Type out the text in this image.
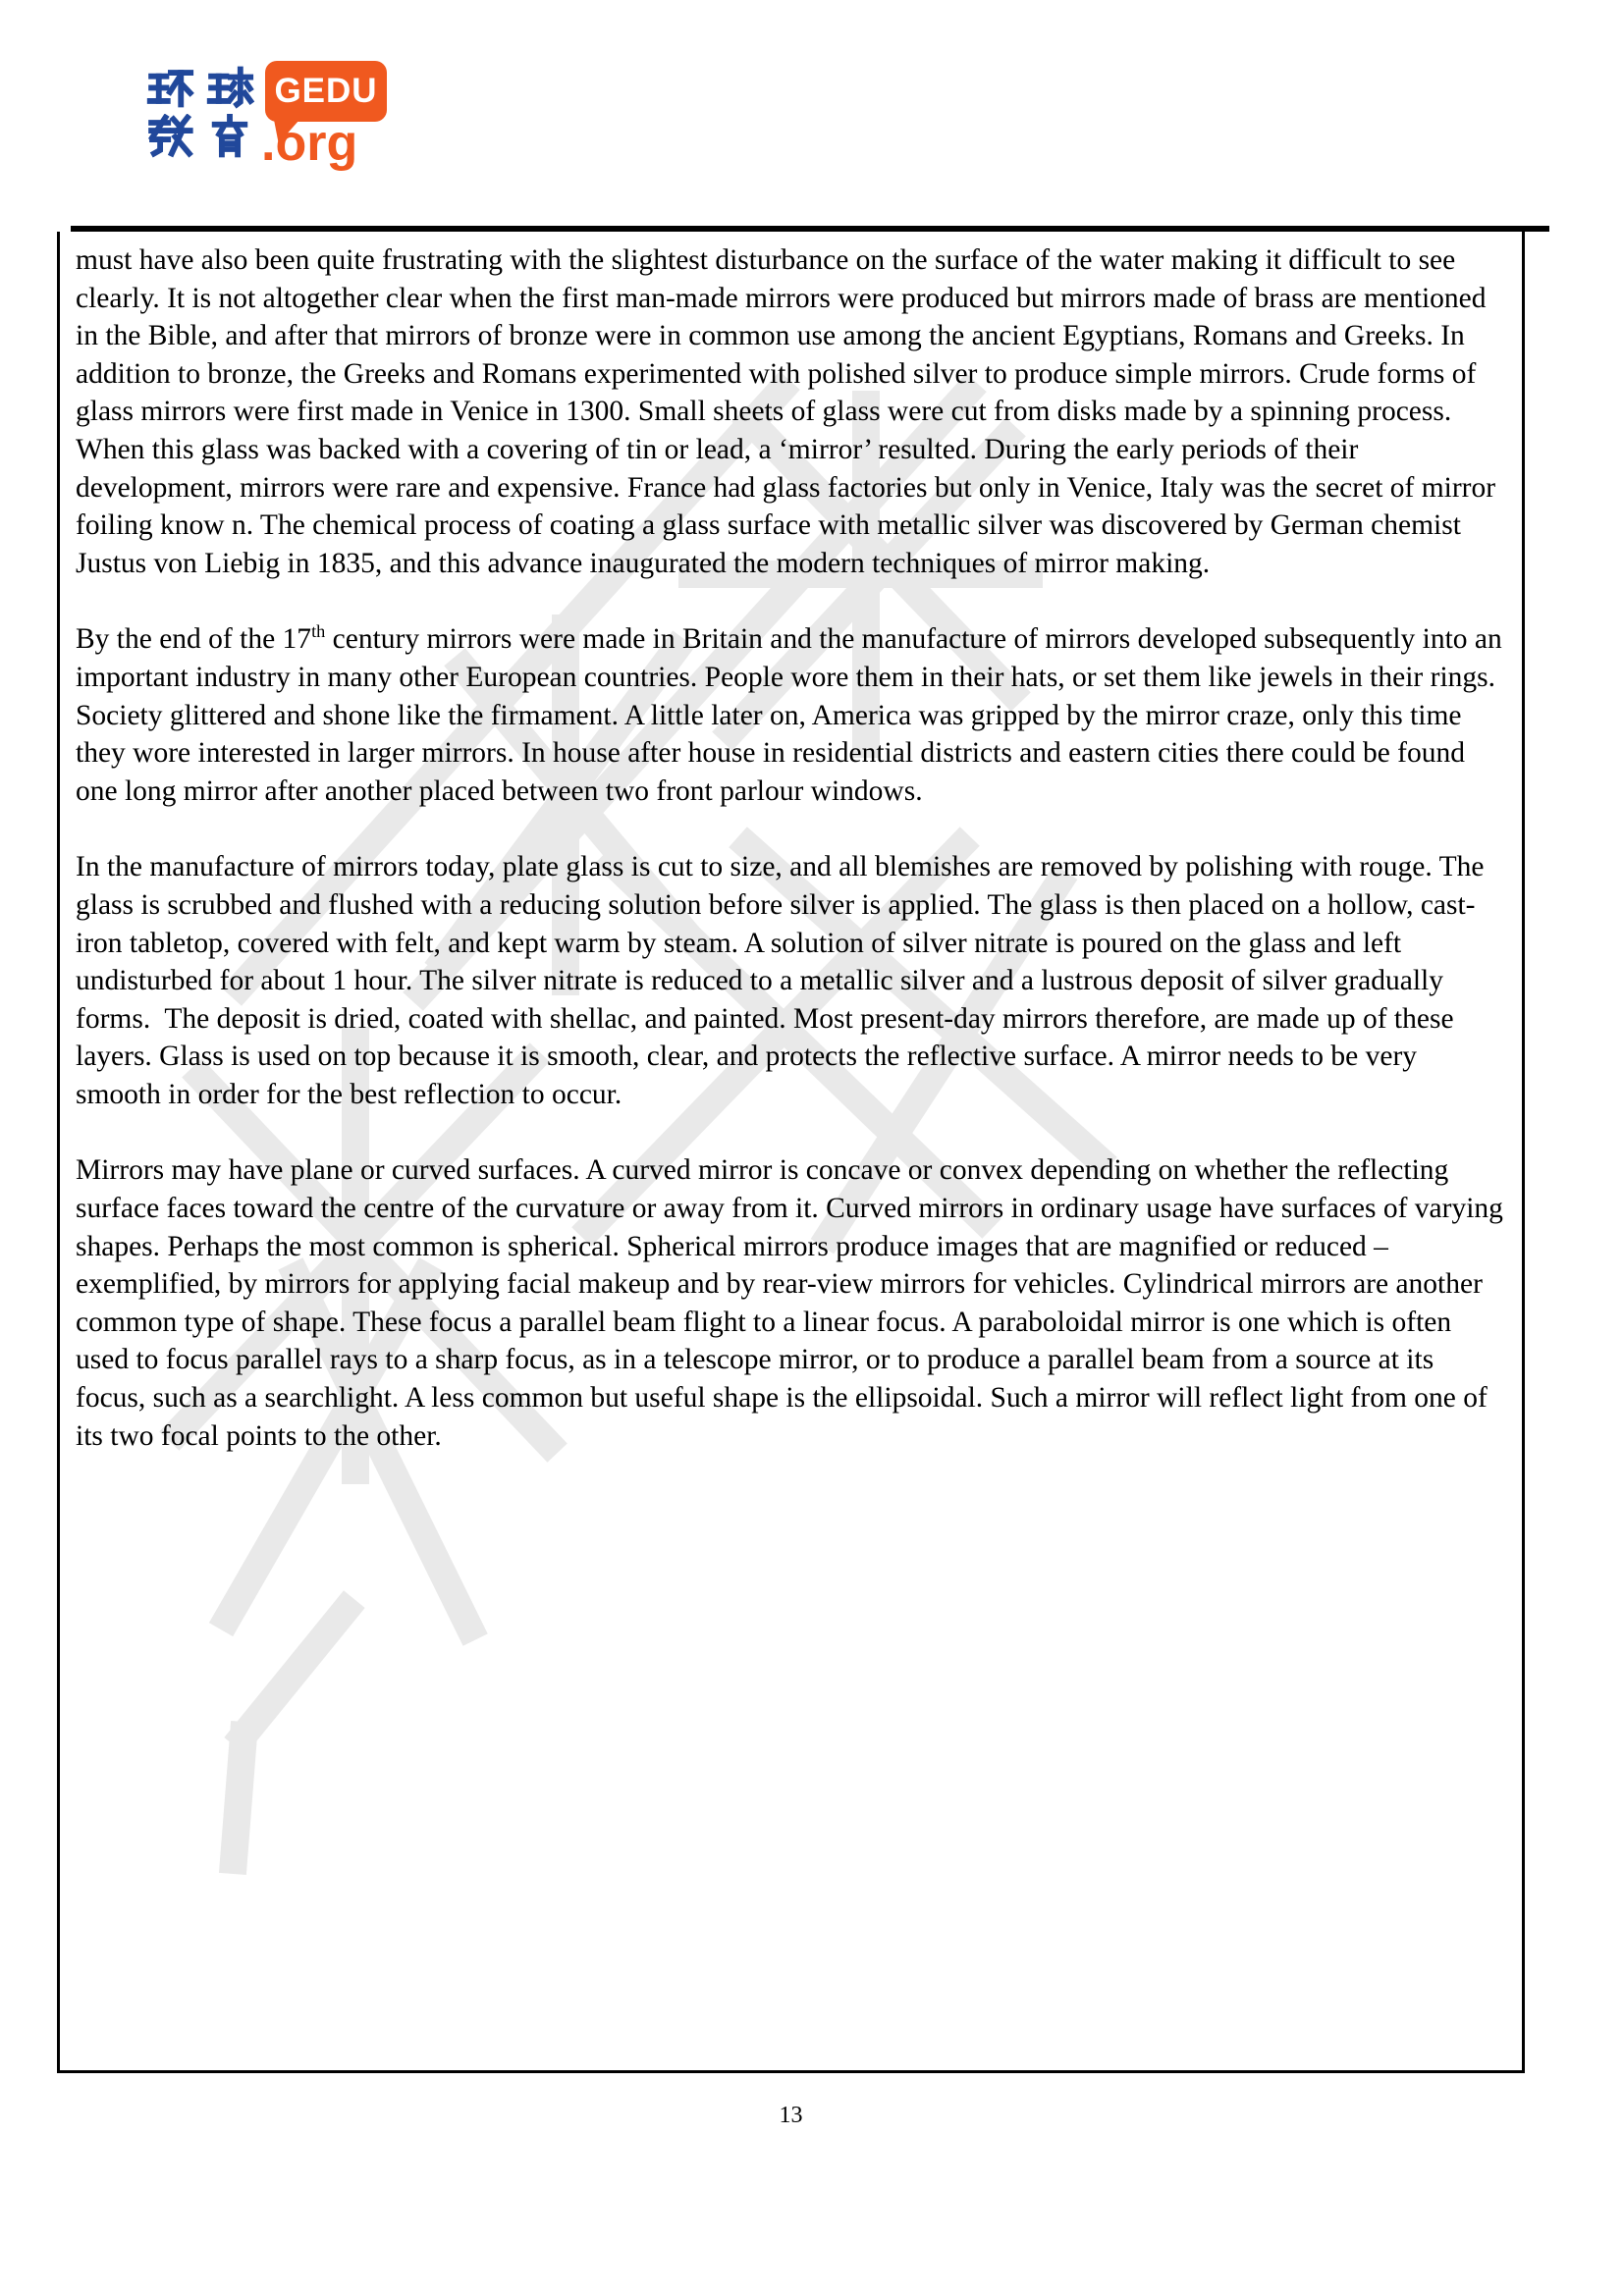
GEDU
.org
must have also been quite frustrating with the slightest disturbance on the surface of the water making it difficult to see clearly. It is not altogether clear when the first man-made mirrors were produced but mirrors made of brass are mentioned in the Bible, and after that mirrors of bronze were in common use among the ancient Egyptians, Romans and Greeks. In addition to bronze, the Greeks and Romans experimented with polished silver to produce simple mirrors. Crude forms of glass mirrors were first made in Venice in 1300. Small sheets of glass were cut from disks made by a spinning process. When this glass was backed with a covering of tin or lead, a ‘mirror’ resulted. During the early periods of their development, mirrors were rare and expensive. France had glass factories but only in Venice, Italy was the secret of mirror foiling know n. The chemical process of coating a glass surface with metallic silver was discovered by German chemist Justus von Liebig in 1835, and this advance inaugurated the modern techniques of mirror making.
By the end of the 17th century mirrors were made in Britain and the manufacture of mirrors developed subsequently into an important industry in many other European countries. People wore them in their hats, or set them like jewels in their rings. Society glittered and shone like the firmament. A little later on, America was gripped by the mirror craze, only this time they wore interested in larger mirrors. In house after house in residential districts and eastern cities there could be found one long mirror after another placed between two front parlour windows.
In the manufacture of mirrors today, plate glass is cut to size, and all blemishes are removed by polishing with rouge. The glass is scrubbed and flushed with a reducing solution before silver is applied. The glass is then placed on a hollow, cast-iron tabletop, covered with felt, and kept warm by steam. A solution of silver nitrate is poured on the glass and left undisturbed for about 1 hour. The silver nitrate is reduced to a metallic silver and a lustrous deposit of silver gradually forms.  The deposit is dried, coated with shellac, and painted. Most present-day mirrors therefore, are made up of these layers. Glass is used on top because it is smooth, clear, and protects the reflective surface. A mirror needs to be very smooth in order for the best reflection to occur.
Mirrors may have plane or curved surfaces. A curved mirror is concave or convex depending on whether the reflecting surface faces toward the centre of the curvature or away from it. Curved mirrors in ordinary usage have surfaces of varying shapes. Perhaps the most common is spherical. Spherical mirrors produce images that are magnified or reduced – exemplified, by mirrors for applying facial makeup and by rear-view mirrors for vehicles. Cylindrical mirrors are another common type of shape. These focus a parallel beam flight to a linear focus. A paraboloidal mirror is one which is often used to focus parallel rays to a sharp focus, as in a telescope mirror, or to produce a parallel beam from a source at its focus, such as a searchlight. A less common but useful shape is the ellipsoidal. Such a mirror will reflect light from one of its two focal points to the other.
13
